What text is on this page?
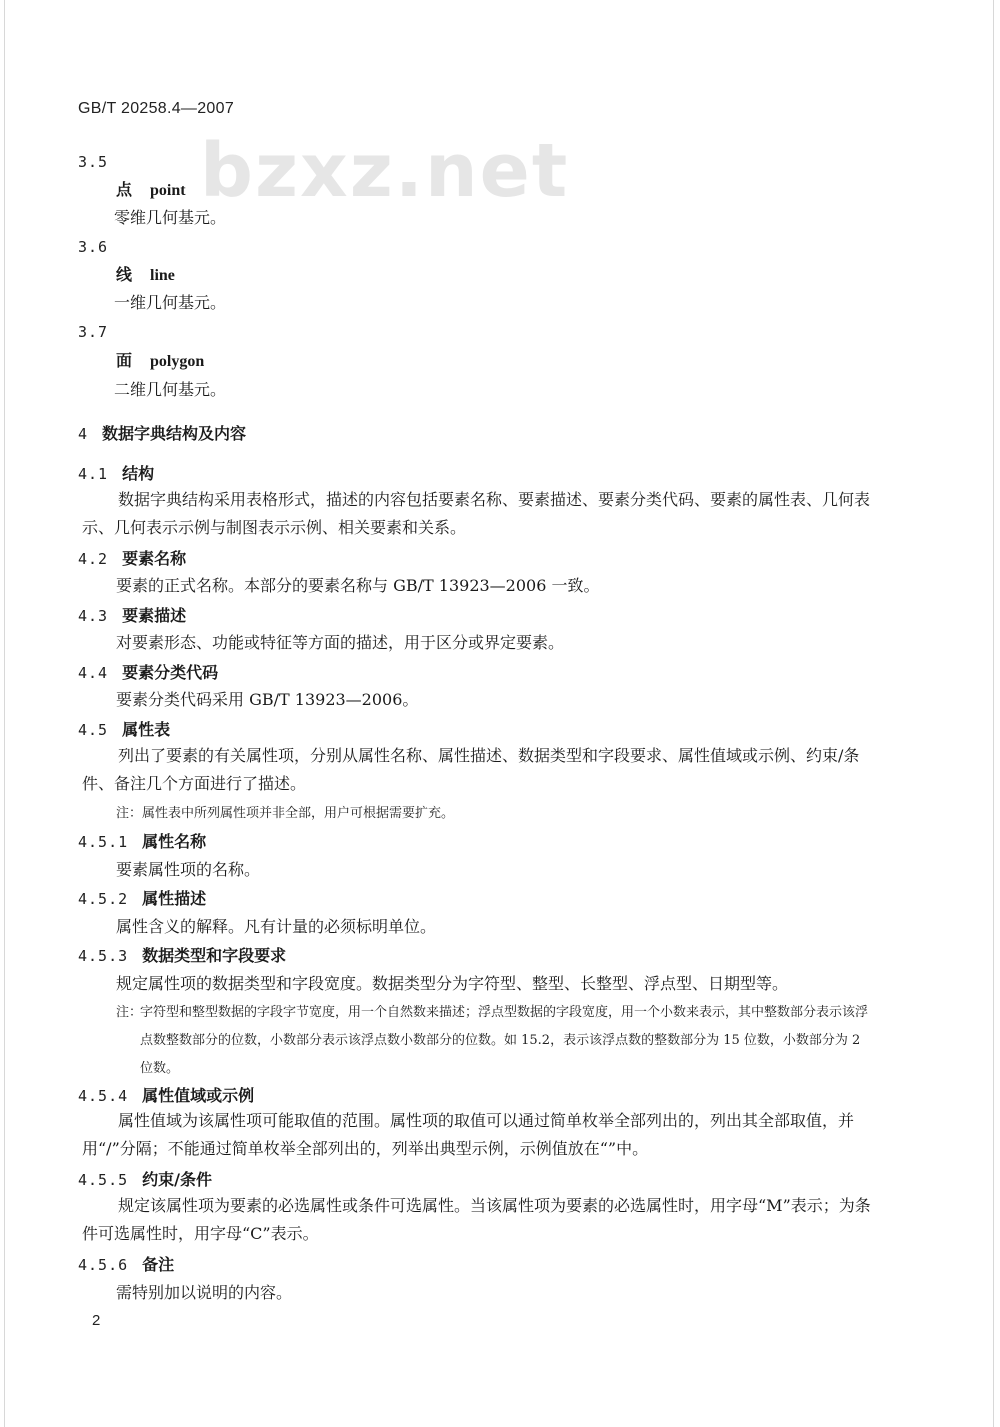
GB/T 20258.4—2007
bzxz.net
3.5
点 point
零维几何基元。
3.6
线 line
一维几何基元。
3.7
面 polygon
二维几何基元。
4 数据字典结构及内容
4.1 结构
数据字典结构采用表格形式，描述的内容包括要素名称、要素描述、要素分类代码、要素的属性表、几何表示、几何表示示例与制图表示示例、相关要素和关系。
4.2 要素名称
要素的正式名称。本部分的要素名称与 GB/T 13923—2006 一致。
4.3 要素描述
对要素形态、功能或特征等方面的描述，用于区分或界定要素。
4.4 要素分类代码
要素分类代码采用 GB/T 13923—2006。
4.5 属性表
列出了要素的有关属性项，分别从属性名称、属性描述、数据类型和字段要求、属性值域或示例、约束/条件、备注几个方面进行了描述。
注：属性表中所列属性项并非全部，用户可根据需要扩充。
4.5.1 属性名称
要素属性项的名称。
4.5.2 属性描述
属性含义的解释。凡有计量的必须标明单位。
4.5.3 数据类型和字段要求
规定属性项的数据类型和字段宽度。数据类型分为字符型、整型、长整型、浮点型、日期型等。
注：
字符型和整型数据的字段字节宽度，用一个自然数来描述；浮点型数据的字段宽度，用一个小数来表示，其中整数部分表示该浮点数整数部分的位数，小数部分表示该浮点数小数部分的位数。如 15.2，表示该浮点数的整数部分为 15 位数，小数部分为 2 位数。
4.5.4 属性值域或示例
属性值域为该属性项可能取值的范围。属性项的取值可以通过简单枚举全部列出的，列出其全部取值，并用“/”分隔；不能通过简单枚举全部列出的，列举出典型示例，示例值放在“”中。
4.5.5 约束/条件
规定该属性项为要素的必选属性或条件可选属性。当该属性项为要素的必选属性时，用字母“M”表示；为条件可选属性时，用字母“C”表示。
4.5.6 备注
需特别加以说明的内容。
2
